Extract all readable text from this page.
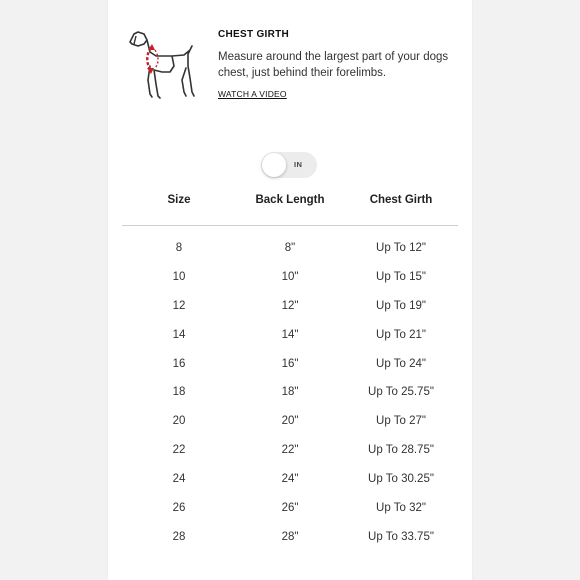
CHEST GIRTH
Measure around the largest part of your dogs chest, just behind their forelimbs.
WATCH A VIDEO
IN
Size	Back Length	Chest Girth
8	8"	Up To 12"
10	10"	Up To 15"
12	12"	Up To 19"
14	14"	Up To 21"
16	16"	Up To 24"
18	18"	Up To 25.75"
20	20"	Up To 27"
22	22"	Up To 28.75"
24	24"	Up To 30.25"
26	26"	Up To 32"
28	28"	Up To 33.75"
